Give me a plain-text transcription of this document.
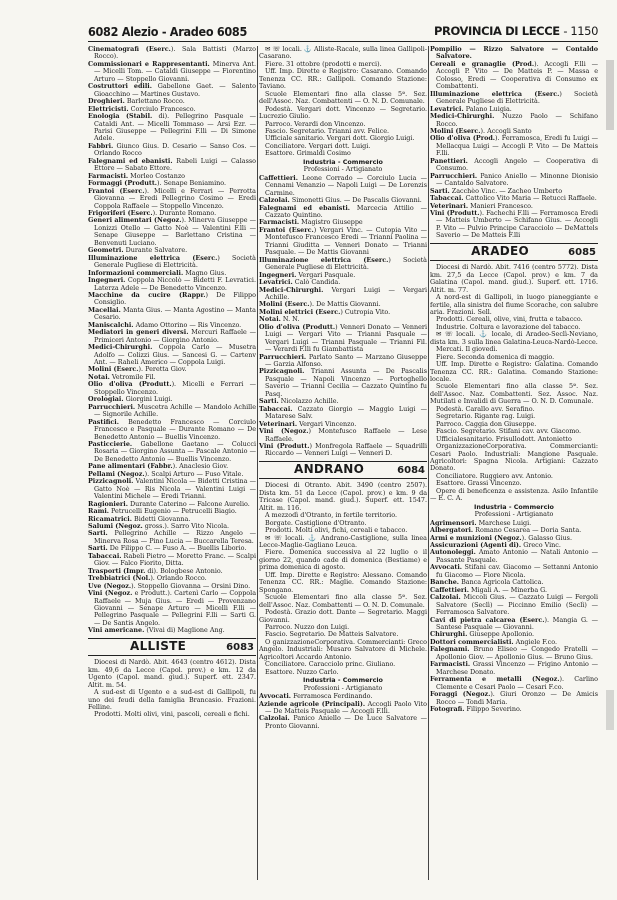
6082 Alezio - Aradeo 6085	PROVINCIA DI LECCE - 1150
Cinematografi (Eserc.). Sala Battisti (Marzo Rocco).
Commissionari e Rappresentanti. Minerva Ant. — Micelli Tom. — Cataldi Giuseppe — Fiorentino Arturo — Stoppello Giovanni.
Costruttori edili. Gabellone Gaet. — Salento Gioacchino — Martines Gustavo.
Droghieri. Barlettano Rocco.
Elettricisti. Corciulo Francesco.
Enologia (Stabil. di). Pellegrino Pasquale — Cataldi Ant. — Micelli Tommaso — Arsi Ezr. — Parisi Giuseppe — Pellegrini F.lli — Di Simone Adele.
Fabbri. Giunco Gius. D. Cesario — Sanso Cos. — Orlando Rocco
Falegnami ed ebanisti. Rabeli Luigi — Calasso Ettore — Sabato Ettore.
Farmacisti. Morleo Costanzo
Formaggi (Produtt.). Senape Beniamino.
Frantoi (Eserc.). Micelli e Ferrari — Perrotta Giovanna — Eredi Pellegrino Cosimo — Eredi Coppola Raffaele — Stoppello Vincenzo.
Frigoriferi (Eserc.). Durante Romano.
Generi alimentari (Negoz.). Minerva Giuseppe — Lonizzi Otello — Gatto Noè — Valentini F.lli — Senape Giuseppe — Barlettano Cristina — Benvenuti Luciano.
Geometri. Durante Salvatore.
Illuminazione elettrica (Eserc.) Società Generale Pugliese di Elettricità.
Informazioni commerciali. Magno Gius.
Ingegneri. Coppola Niccolò — Bidetti F. Levratici. Laterza Adele — De Benedetto Vincenzo.
Macchine da cucire (Rappr.) De Filippo Consiglio.
Macellai. Manta Gius. — Manta Agostino — Manta Cesario.
Maniscalchi. Adamo Ottorino — Ris Vincenzo.
Mediatori in generi diversi. Mercuri Raffaele — Primiceri Antonio — Giorgino Antonio.
Medici-Chirurghi. Coppola Carlo — Musetra Adolfo — Colizzi Gius. — Sancesi G. — Cartenv Ant. — Raheli Americo — Coppola Luigi.
Molini (Eserc.). Peretta Giov.
Notai. Vetromile Fil.
Olio d'oliva (Produtt.). Micelli e Ferrari — Stoppello Vincenzo.
Orologiai. Giorgini Luigi.
Parrucchieri. Muscetra Achille — Mandolo Achille — Signorile Achille.
Pastifici. Benedetto Francesco — Corciulo Francesco e Pasquale — Durante Romano — De Benedetto Antonio — Buellis Vincenzo.
Pasticcierie. Gabellone Gaetano — Colucci Rosaria — Giorgino Assunta — Pascale Antonio — De Benedetto Antonio — Buellis Vincenzo.
Pane alimentari (Fabbr.). Anaclesio Giov.
Pellami (Negoz.). Scalpi Arturo — Fuso Vitale.
Pizzicagnoli. Valentini Nicola — Bidetti Cristina — Gatto Noè — Ris Nicola — Valentini Luigi — Valentini Michele — Eredi Trianni.
Ragionieri. Durante Caterino — Falcone Aurelio.
Rami. Petrucelli Eugenio — Petrucelli Biagio.
Ricamatrici. Bidetti Giovanna.
Salumi (Negoz. gross.). Sarro Vito Nicola.
Sarti. Pellegrino Achille — Rizzo Angelo — Minerva Rosa — Pino Lucia — Buccarella Teresa.
Sarti. De Filippo C. — Fuso A. — Buellis Liborio.
Tabaccai. Rabeli Pietro — Moretto Franc. — Scalpi Giov. — Falco Fiorito, Ditta.
Trasporti (Impr. di). Bologbese Antonio.
Trebbiatrici (Nol.). Orlando Rocco.
Uve (Negoz.). Stoppello Giovanna — Orsini Dino.
Vini (Negoz. e Produtt.). Cartenì Carlo — Coppola Raffaele — Muja Gius. — Eredi — Provenzano Giovanni — Senape Arturo — Micelli F.lli — Pellegrino Pasquale — Pellegrini F.lli — Sarti G. — De Santis Angelo.
Vini americane. (Vivai di) Maglione Ang.
ALLISTE	6083
Diocesi di Nardò. Abit. 4643 (centro 4612). Dista km. 49,6 da Lecce (Capol. prov.) e km. 12 da Ugento (Capol. mand. giud.). Superf. ett. 2347. Altit. m. 54.
A sud-est di Ugento e a sud-est di Gallipoli, fu uno dei feudi della famiglia Brancasio. Frazioni. Felline.
Prodotti. Molti olivi, vini, pascoli, cereali e fichi.
✉ ☏ locali. ⚓ Alliste-Racale, sulla linea Gallipoli-Casarano.
Fiere. 31 ottobre (prodotti e merci).
Uff. Imp. Dirette e Registro: Casarano. Comando Tenenza CC. RR.: Gallipoli. Comando Stazione: Taviano.
Scuole Elementari fino alla classe 5ª. Sez. dell'Assoc. Naz. Combattenti — O. N. D. Comunale.
Podestà. Vergari dott. Vincenzo — Segretario. Lucrezio Giulio.
Parroco. Verardi don Vincenzo.
Fascio. Segretario. Trianni avv. Felice.
Ufficiale sanitario. Vergari dott. Giorgio Luigi.
Conciliatore. Vergari dott. Luigi.
Esattore. Grimaldi Cosimo
Industria - Commercio
Professioni - Artigianato
Caffettieri. Leone Corrado — Corciulo Lucia — Cennami Venanzio — Napoli Luigi — De Lorenzis Carmine.
Calzolai. Simonetti Gius. — De Pascalis Giovanni.
Falegnami ed ebanisti. Marcecia Attilio — Cazzato Quintino.
Farmacisti. Magistro Giuseppe
Frantoi (Eserc.) Vergari Vinc. — Cutopia Vito — Montefusco Francesco Eredi — Trianni Paolina — Trianni Giuditta — Venneri Donato — Trianni Pasquale. — De Mattis Giovanni
Illuminazione elettrica (Eserc.) Società Generale Pugliese di Elettricità.
Ingegneri. Vergari Pasquale.
Levatrici. Calò Candida.
Medici-Chirurghi. Vergari Luigi — Vergari Achille.
Molini (Eserc.). De Mattis Giovanni.
Molini elettrici (Eserc.) Cutropia Vito.
Notai. N. N.
Olio d'oliva (Produtt.) Venneri Donato — Venneri Luigi — Vergari Vito — Trianni Pasquale — Vergari Luigi — Trianni Pasquale — Trianni Fil. — Verardi F.lli fu Giambattista
Parrucchieri. Parlato Santo — Marzano Giuseppe — Garzia Alfonso.
Pizzicagnoli. Trianni Assunta — De Pascalis Pasquale — Napoli Vincenzo — Portoghello Saverio — Trianni Cecilia — Cazzato Quintino fu Pasq.
Sarti. Nicolazzo Achille.
Tabaccai. Cazzato Giorgio — Maggio Luigi — Matarese Salv.
Veterinari. Vergari Vincenzo.
Vini (Negoz.) Montefusco Raffaele — Lese Raffaele.
Vini (Produtt.) Monfregola Raffaele — Squadrilli Riccardo — Venneri Luigi — Venneri D.
ANDRANO	6084
Diocesi di Otranto. Abit. 3490 (centro 2507). Dista km. 51 da Lecce (Capol. prov.) e km. 9 da Tricase (Capol. mand. giud.). Superf. ett. 1547. Altit. m. 116.
A mezzodì d'Otranto, in fertile territorio.
Borgate. Castiglione d'Otranto.
Prodotti. Molti olivi, fichi, cereali e tabacco.
✉ ☏ locali. ⚓ Andrano-Castiglione, sulla linea Lecce-Maglie-Gagliano Leuca.
Fiere. Domenica successiva al 22 luglio o il giorno 22, quando cade di domenica (Bestiame) e prima domenica di agosto.
Uff. Imp. Dirette e Registro: Alessano. Comando Tenenza CC. RR.: Maglie. Comando Stazione: Spongano.
Scuole Elementari fino alla classe 5ª. Sez. dell'Assoc. Naz. Combattenti — O. N. D. Comunale.
Podestà. Grazio dott. Dante — Segretario. Maggi Giovanni.
Parroco. Nuzzo don Luigi.
Fascio. Segretario. De Matteis Salvatore.
O ganizzazioneCorporativa. Commercianti: Greco Angelo. Industriali: Musaro Salvatore di Michele. Agricoltori Accardo Antonio.
Conciliatore. Caracciolo princ. Giuliano.
Esattore. Nuzzo Carlo.
Industria - Commercio
Professioni - Artigianato
Avvocati. Ferramosca Ferdinando.
Aziende agricole (Principali). Accogli Paolo Vito — De Matteis Pasquale — Accogli F.lli.
Calzolai. Panico Aniello — De Luce Salvatore — Pronto Giovanni.
Pompilio — Rizzo Salvatore — Contaldo Salvatore.
Cereali e granaglie (Prod.). Accogli F.lli — Accogli P. Vito — De Matteis P. — Massa e Colosso, Eredi — Cooperativa di Consumo ex Combattenti.
Illuminazione elettrica (Eserc.) Società Generale Pugliese di Elettricità.
Levatrici. Palano Luigia.
Medici-Chirurghi. Nuzzo Paolo — Schifano Rocco.
Molini (Eserc.). Accogli Santo
Olio d'oliva (Prod.). Ferramosca, Eredi fu Luigi — Mellacqua Luigi — Accogli P. Vito — De Matteis F.lli.
Panettieri. Accogli Angelo — Cooperativa di Consumo.
Parrucchieri. Panico Aniello — Minonne Dionisio — Cantaldo Salvatore.
Sarti. Zacchèo Vinc. — Zacheo Umberto
Tabaccai. Cattolico Vito Maria — Retucci Raffaele.
Veterinari. Manieri Francesco.
Vini (Produtt.). Fachechi F.lli — Ferramosca Eredi — Matteis Umberto — Schifano Gius. — Accogli P. Vito — Pulvio Principe Caracciolo — DeMattels Saverio — De Matteis F.lli
ARADEO	6085
Diocesi di Nardò. Abit. 7416 (centro 5772). Dista km. 27,5 da Lecce (Capol. prov.) e km. 7 da Galatina (Capol. mand. giud.). Superf. ett. 1716. Altit. m. 77.
A nord-est di Gallipoli, in luogo pianeggiante e fertile, alla sinistra del fiume Scorache, con salubre aria. Frazioni. Sell.
Prodotti. Cereali, olive, vini, frutta e tabacco.
Industrie. Coltura e lavorazione del tabacco.
✉ ☏ locali. ⚓ locale, di Aradeo-Seclì-Neviano, dista km. 3 sulla linea Galatina-Leuca-Nardò-Lecce.
Mercati. Il giovedì.
Fiere. Seconda domenica di maggio.
Uff. Imp. Dirette e Registro: Galatina. Comando Tenenza CC. RR.: Galatina. Comando Stazione: locale.
Scuole Elementari fino alla classe 5ª. Sez. dell'Assoc. Naz. Combattenti. Sez. Assoc. Naz. Mutilati e Invalidi di Guerra — O. N. D. Comunale.
Podestà. Carallo avv. Serafino.
Segretario. Rigante rag. Luigi.
Parroco. Caggia don Giuseppe.
Fascio. Segretario. Stifani cav. avv. Giacomo.
Ufficialesanitario. Frisullodott. Antonietto
OrganizzazioneCorporativa. Commercianti: Cesari Paolo. Industriali: Mangione Pasquale. Agricoltori: Spagna Nicola. Artigiani: Cazzato Donato.
Conciliatore. Ruggiero avv. Antonio.
Esattore. Grassi Vincenzo.
Opere di beneficenza e assistenza. Asilo Infantile — E. C. A.
Industria - Commercio
Professioni - Artigianato
Agrimensori. Marchese Luigi.
Albergatori. Romano Cesarea — Doria Santa.
Armi e munizioni (Negoz.). Galasso Gius.
Assicurazioni (Agenti di). Greco Vinc.
Autonoleggi. Amato Antonio — Natali Antonio — Passante Pasquale.
Avvocati. Stifani cav. Giacomo — Settanni Antonio fu Giacomo — Fiore Nicola.
Banche. Banca Agricola Cattolica.
Caffettieri. Migali A. — Minerba G.
Calzolai. Miccoli Gius. — Cazzato Luigi — Fergoli Salvatore (Seclì) — Piccinno Emilio (Seclì) — Ferramosca Salvatore.
Cavi di pietra calcarea (Eserc.). Mangia G. — Santese Pasquale — Giovanni.
Chirurghi. Giuseppe Apollonio.
Dottori commercialisti. Angiele F.co.
Falegnami. Bruno Eliseo — Congedo Fratelli — Apollonio Giov. — Apollonio Gius. — Bruno Gius.
Farmacisti. Grassi Vincenzo — Frigino Antonio — Marchese Donato.
Ferramenta e metalli (Negoz.). Carlino Clemente e Cesari Paolo — Cesari F.co.
Foraggi (Negoz.). Giuri Oronzo — De Amicis Rocco — Tondi Maria.
Fotografi. Filippo Severino.
